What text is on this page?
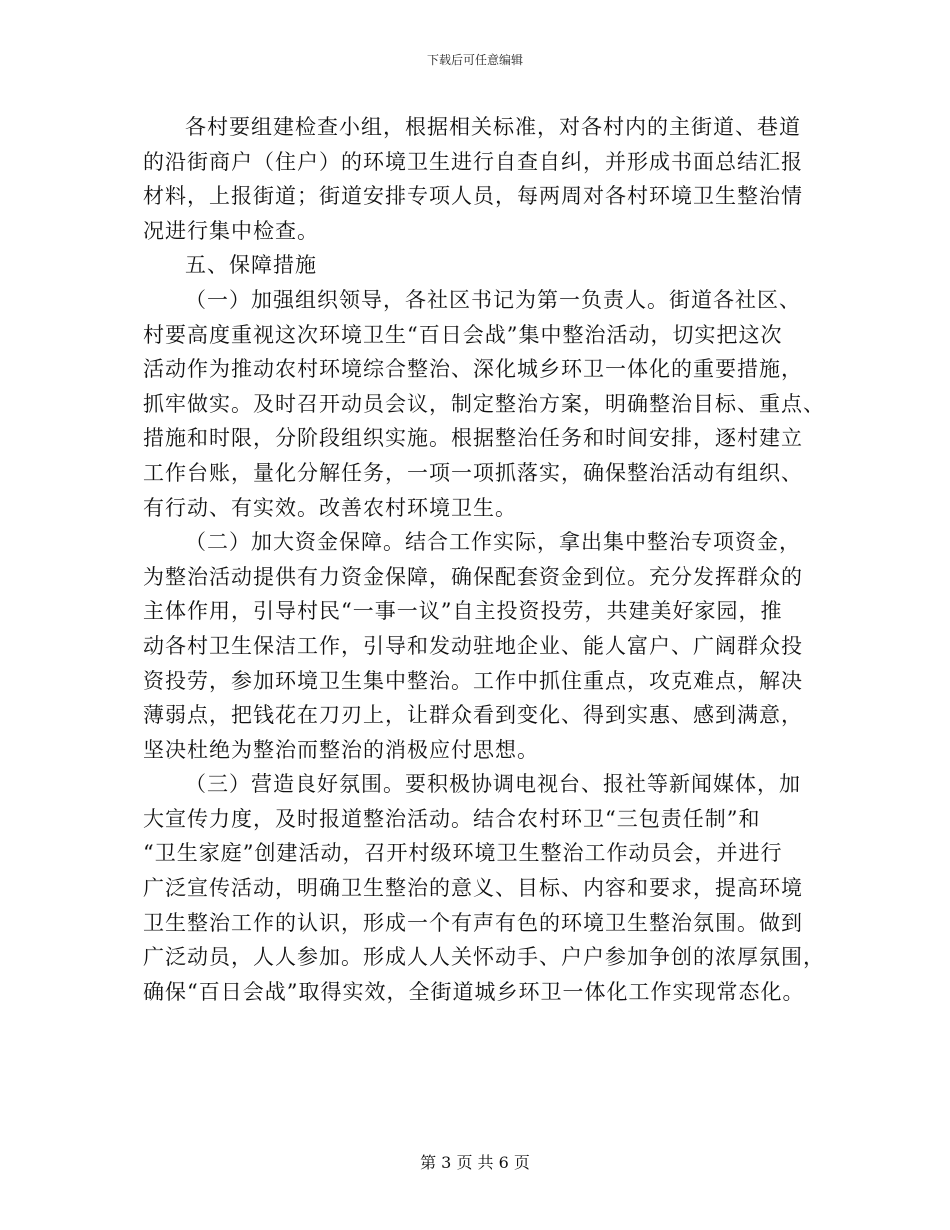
下载后可任意编辑
各村要组建检查小组，根据相关标准，对各村内的主街道、巷道
的沿街商户（住户）的环境卫生进行自查自纠，并形成书面总结汇报
材料，上报街道；街道安排专项人员，每两周对各村环境卫生整治情
况进行集中检查。
五、保障措施
（一）加强组织领导，各社区书记为第一负责人。街道各社区、
村要高度重视这次环境卫生“百日会战”集中整治活动，切实把这次
活动作为推动农村环境综合整治、深化城乡环卫一体化的重要措施，
抓牢做实。及时召开动员会议，制定整治方案，明确整治目标、重点、
措施和时限，分阶段组织实施。根据整治任务和时间安排，逐村建立
工作台账，量化分解任务，一项一项抓落实，确保整治活动有组织、
有行动、有实效。改善农村环境卫生。
（二）加大资金保障。结合工作实际，拿出集中整治专项资金，
为整治活动提供有力资金保障，确保配套资金到位。充分发挥群众的
主体作用，引导村民“一事一议”自主投资投劳，共建美好家园，推
动各村卫生保洁工作，引导和发动驻地企业、能人富户、广阔群众投
资投劳，参加环境卫生集中整治。工作中抓住重点，攻克难点，解决
薄弱点，把钱花在刀刃上，让群众看到变化、得到实惠、感到满意，
坚决杜绝为整治而整治的消极应付思想。
（三）营造良好氛围。要积极协调电视台、报社等新闻媒体，加
大宣传力度，及时报道整治活动。结合农村环卫“三包责任制”和
“卫生家庭”创建活动，召开村级环境卫生整治工作动员会，并进行
广泛宣传活动，明确卫生整治的意义、目标、内容和要求，提高环境
卫生整治工作的认识，形成一个有声有色的环境卫生整治氛围。做到
广泛动员，人人参加。形成人人关怀动手、户户参加争创的浓厚氛围，
确保“百日会战”取得实效，全街道城乡环卫一体化工作实现常态化。
第 3 页 共 6 页
